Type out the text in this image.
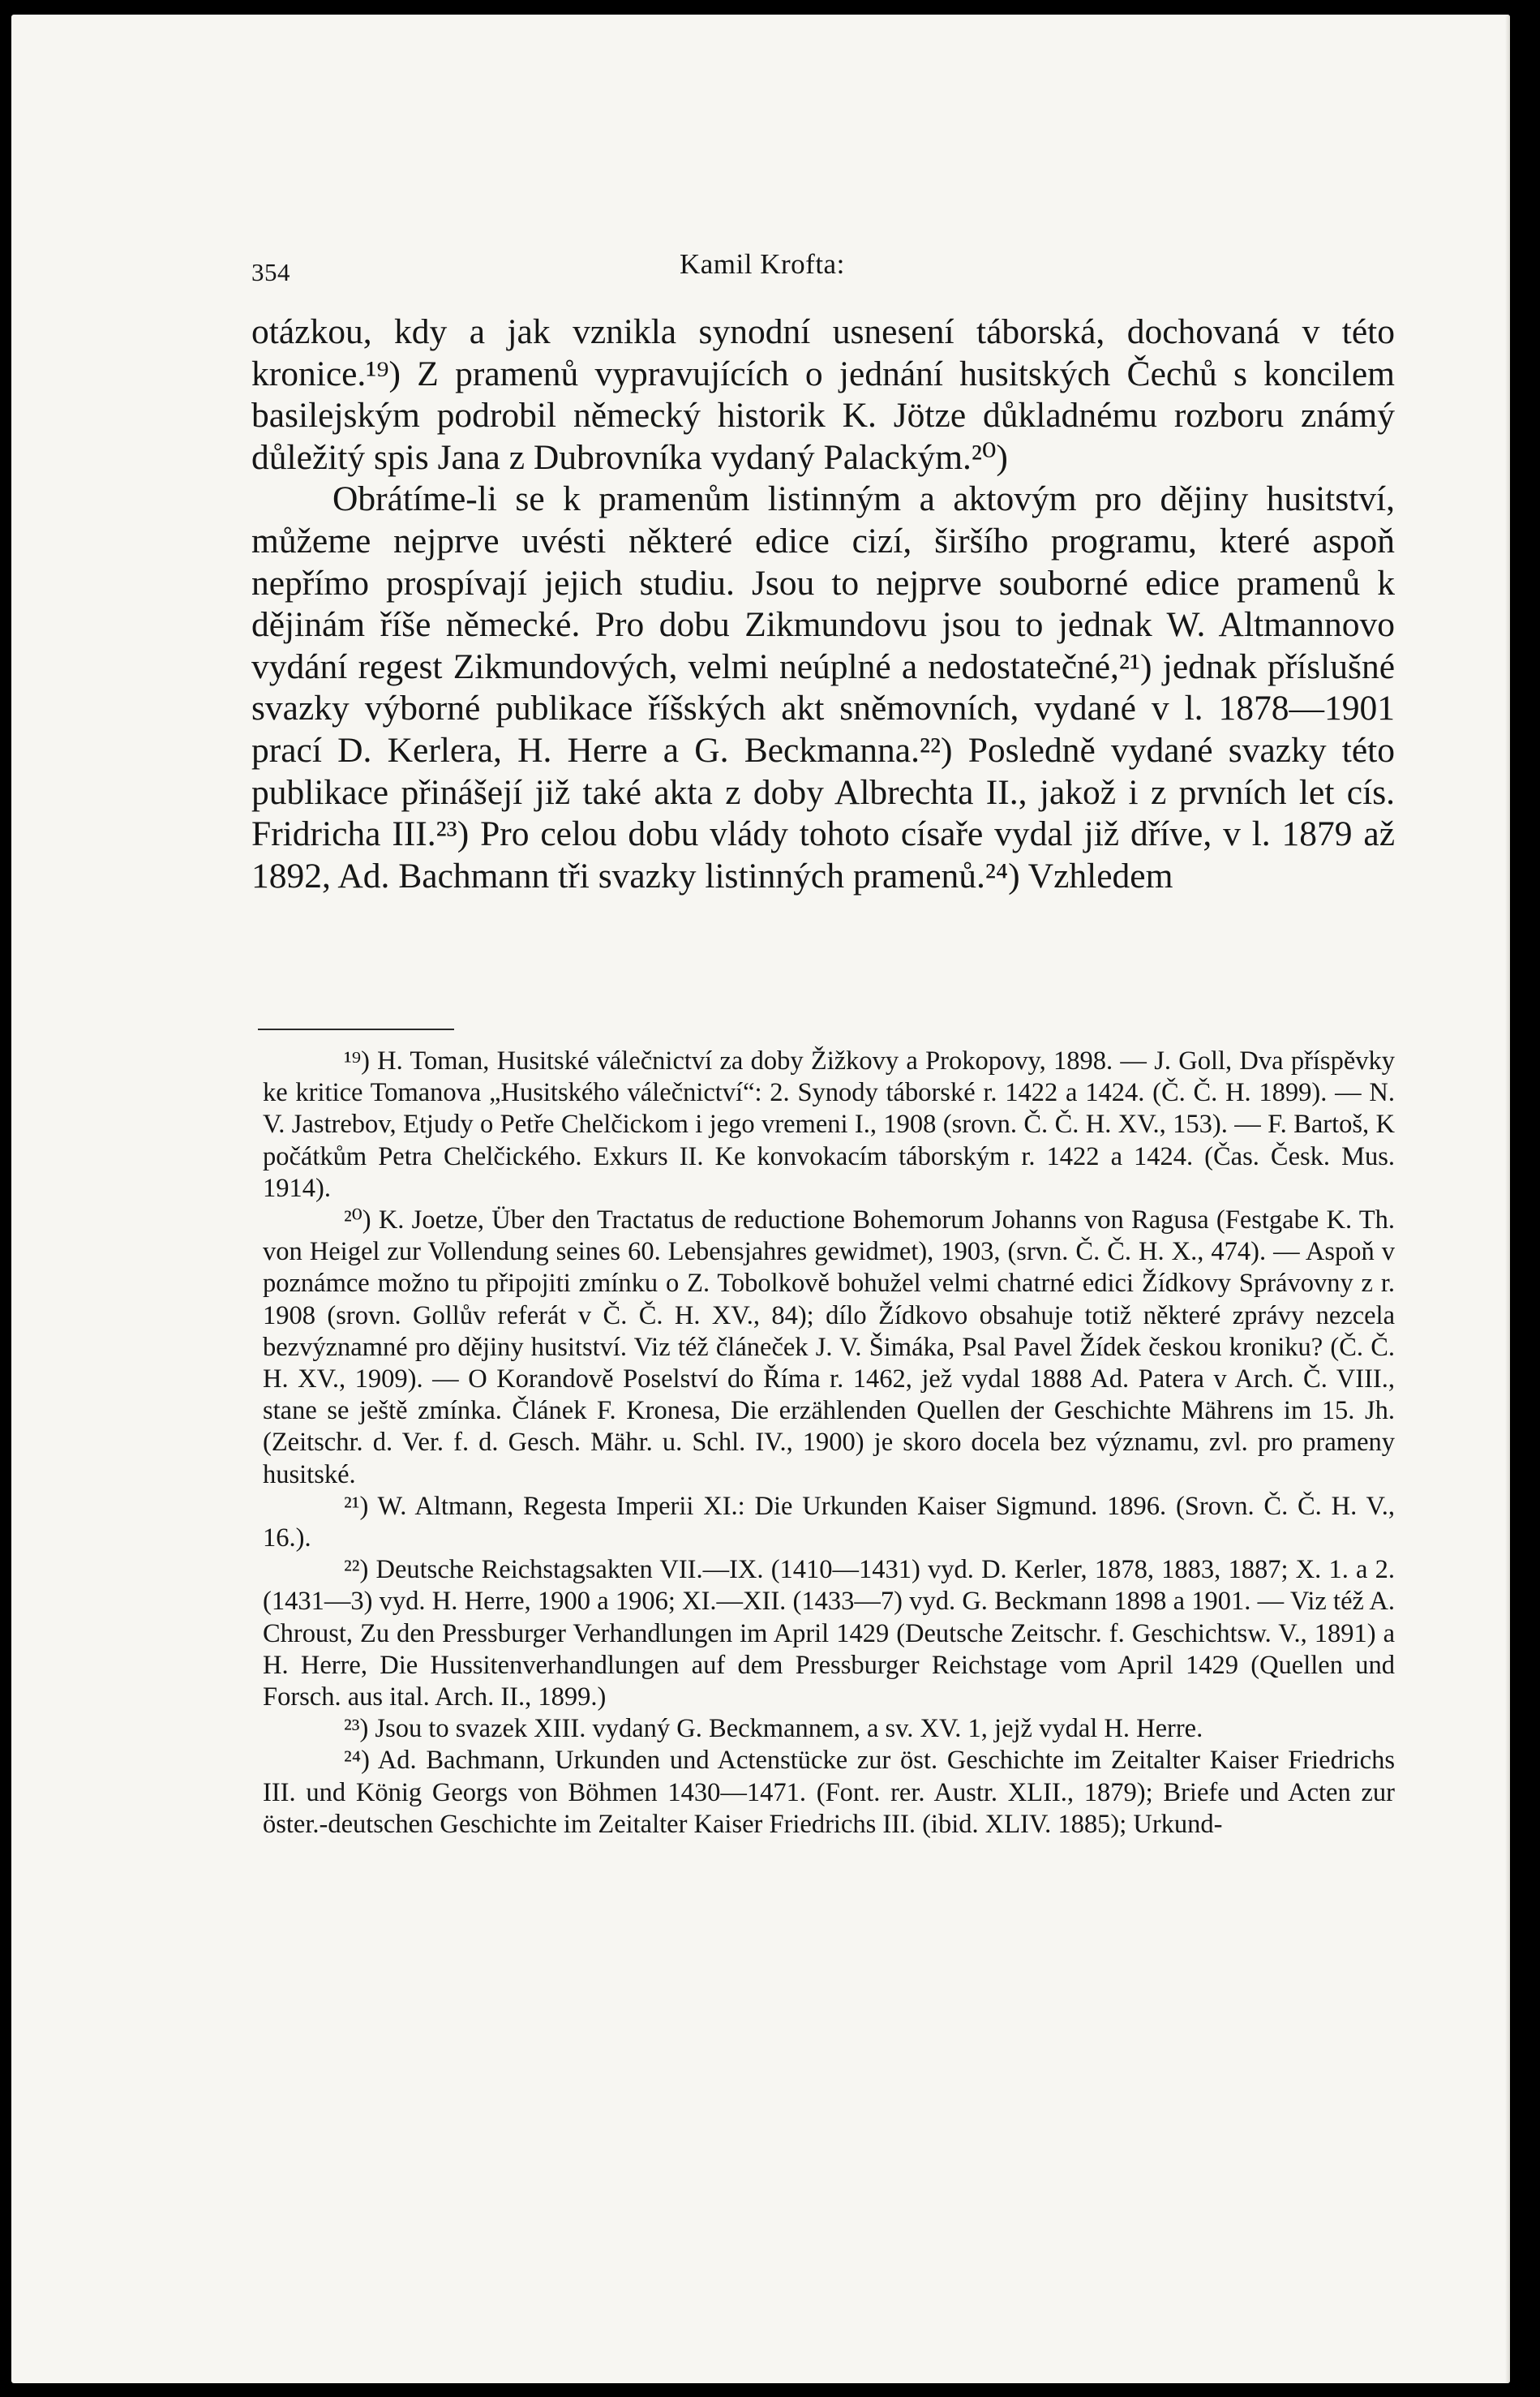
354	Kamil Krofta:

otázkou, kdy a jak vznikla synodní usnesení táborská, dochovaná v této kronice.¹⁹) Z pramenů vypravujících o jednání husitských Čechů s koncilem basilejským podrobil německý historik K. Jötze důkladnému rozboru známý důležitý spis Jana z Dubrovníka vydaný Palackým.²⁰)

Obrátíme-li se k pramenům listinným a aktovým pro dějiny husitství, můžeme nejprve uvésti některé edice cizí, širšího programu, které aspoň nepřímo prospívají jejich studiu. Jsou to nejprve souborné edice pramenů k dějinám říše německé. Pro dobu Zikmundovu jsou to jednak W. Altmannovo vydání regest Zikmundových, velmi neúplné a nedostatečné,²¹) jednak příslušné svazky výborné publikace říšských akt sněmovních, vydané v l. 1878—1901 prací D. Kerlera, H. Herre a G. Beckmanna.²²) Posledně vydané svazky této publikace přinášejí již také akta z doby Albrechta II., jakož i z prvních let cís. Fridricha III.²³) Pro celou dobu vlády tohoto císaře vydal již dříve, v l. 1879 až 1892, Ad. Bachmann tři svazky listinných pramenů.²⁴) Vzhledem

¹⁹) H. Toman, Husitské válečnictví za doby Žižkovy a Prokopovy, 1898. — J. Goll, Dva příspěvky ke kritice Tomanova „Husitského válečnictví“: 2. Synody táborské r. 1422 a 1424. (Č. Č. H. 1899). — N. V. Jastrebov, Etjudy o Petře Chelčickom i jego vremeni I., 1908 (srovn. Č. Č. H. XV., 153). — F. Bartoš, K počátkům Petra Chelčického. Exkurs II. Ke konvokacím táborským r. 1422 a 1424. (Čas. Česk. Mus. 1914).

²⁰) K. Joetze, Über den Tractatus de reductione Bohemorum Johanns von Ragusa (Festgabe K. Th. von Heigel zur Vollendung seines 60. Lebensjahres gewidmet), 1903, (srvn. Č. Č. H. X., 474). — Aspoň v poznámce možno tu připojiti zmínku o Z. Tobolkově bohužel velmi chatrné edici Žídkovy Správovny z r. 1908 (srovn. Gollův referát v Č. Č. H. XV., 84); dílo Žídkovo obsahuje totiž některé zprávy nezcela bezvýznamné pro dějiny husitství. Viz též článeček J. V. Šimáka, Psal Pavel Žídek českou kroniku? (Č. Č. H. XV., 1909). — O Korandově Poselství do Říma r. 1462, jež vydal 1888 Ad. Patera v Arch. Č. VIII., stane se ještě zmínka. Článek F. Kronesa, Die erzählenden Quellen der Geschichte Mährens im 15. Jh. (Zeitschr. d. Ver. f. d. Gesch. Mähr. u. Schl. IV., 1900) je skoro docela bez významu, zvl. pro prameny husitské.

²¹) W. Altmann, Regesta Imperii XI.: Die Urkunden Kaiser Sigmund. 1896. (Srovn. Č. Č. H. V., 16.).

²²) Deutsche Reichstagsakten VII.—IX. (1410—1431) vyd. D. Kerler, 1878, 1883, 1887; X. 1. a 2. (1431—3) vyd. H. Herre, 1900 a 1906; XI.—XII. (1433—7) vyd. G. Beckmann 1898 a 1901. — Viz též A. Chroust, Zu den Pressburger Verhandlungen im April 1429 (Deutsche Zeitschr. f. Geschichtsw. V., 1891) a H. Herre, Die Hussitenverhandlungen auf dem Pressburger Reichstage vom April 1429 (Quellen und Forsch. aus ital. Arch. II., 1899.)

²³) Jsou to svazek XIII. vydaný G. Beckmannem, a sv. XV. 1, jejž vydal H. Herre.

²⁴) Ad. Bachmann, Urkunden und Actenstücke zur öst. Geschichte im Zeitalter Kaiser Friedrichs III. und König Georgs von Böhmen 1430—1471. (Font. rer. Austr. XLII., 1879); Briefe und Acten zur öster.-deutschen Geschichte im Zeitalter Kaiser Friedrichs III. (ibid. XLIV. 1885); Urkund-
